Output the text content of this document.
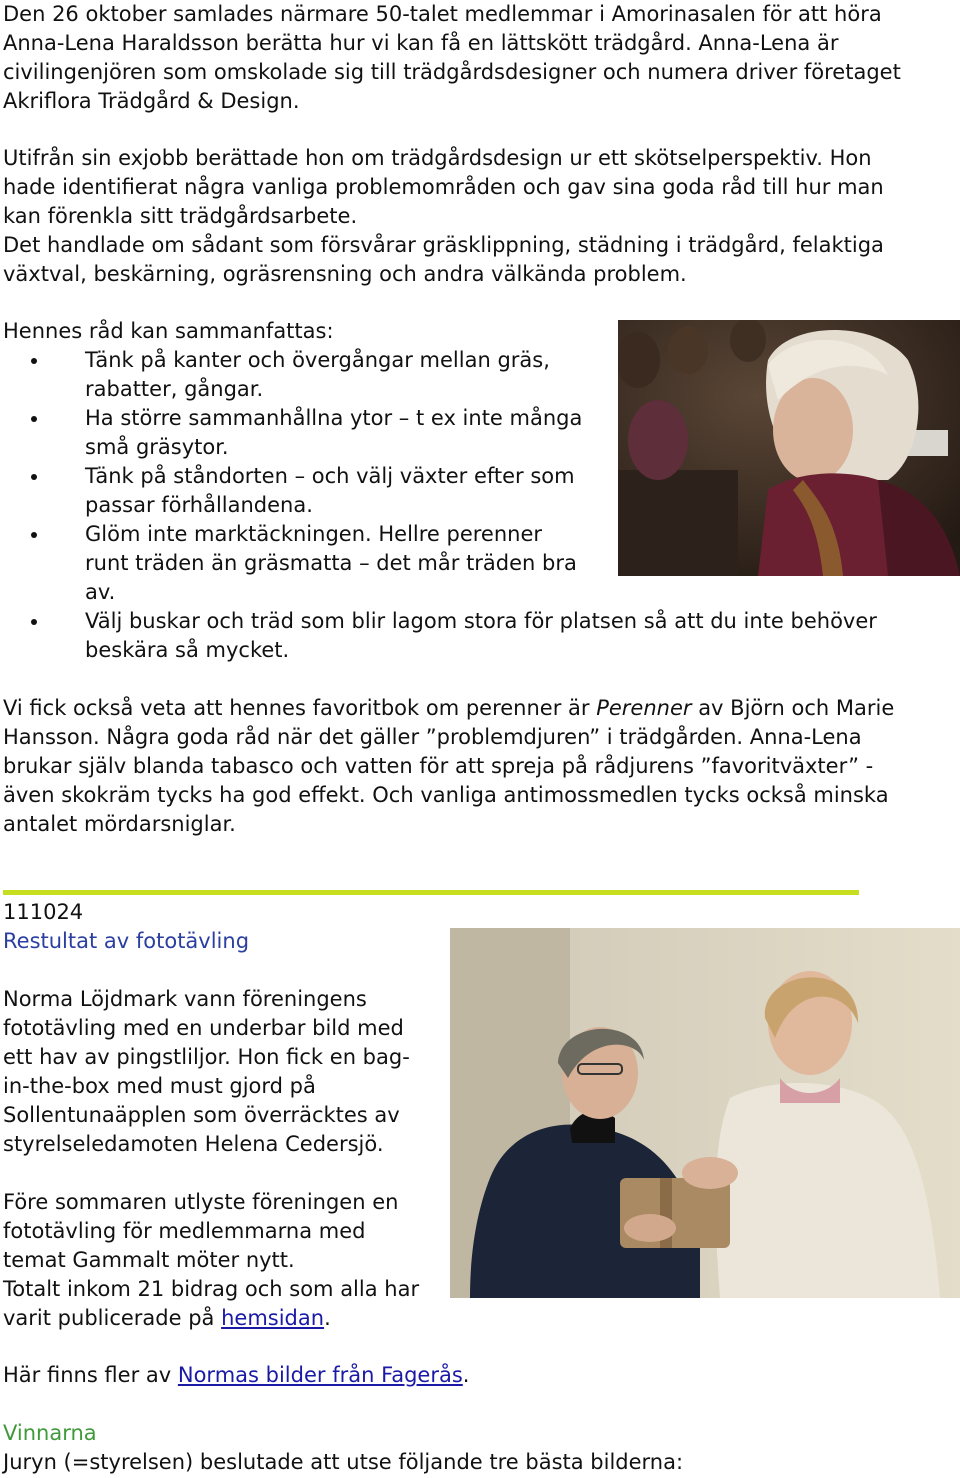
Den 26 oktober samlades närmare 50-talet medlemmar i Amorinasalen för att höra
Anna-Lena Haraldsson berätta hur vi kan få en lättskött trädgård. Anna-Lena är
civilingenjören som omskolade sig till trädgårdsdesigner och numera driver företaget
Akriflora Trädgård & Design.

Utifrån sin exjobb berättade hon om trädgårdsdesign ur ett skötselperspektiv. Hon
hade identifierat några vanliga problemområden och gav sina goda råd till hur man
kan förenkla sitt trädgårdsarbete.
Det handlade om sådant som försvårar gräsklippning, städning i trädgård, felaktiga
växtval, beskärning, ogräsrensning och andra välkända problem.
Hennes råd kan sammanfattas:
Tänk på kanter och övergångar mellan gräs,
rabatter, gångar.
Ha större sammanhållna ytor – t ex inte många
små gräsytor.
Tänk på ståndorten – och välj växter efter som
passar förhållandena.
Glöm inte marktäckningen. Hellre perenner
runt träden än gräsmatta – det mår träden bra
av.
Välj buskar och träd som blir lagom stora för platsen så att du inte behöver
beskära så mycket.
Vi fick också veta att hennes favoritbok om perenner är Perenner av Björn och Marie
Hansson. Några goda råd när det gäller ”problemdjuren” i trädgården. Anna-Lena
brukar själv blanda tabasco och vatten för att spreja på rådjurens ”favoritväxter” -
även skokräm tycks ha god effekt. Och vanliga antimossmedlen tycks också minska
antalet mördarsniglar.
111024
Restultat av fototävling
Norma Löjdmark vann föreningens
fototävling med en underbar bild med
ett hav av pingstliljor. Hon fick en bag-
in-the-box med must gjord på
Sollentunaäpplen som överräcktes av
styrelseledamoten Helena Cedersjö.
Före sommaren utlyste föreningen en
fototävling för medlemmarna med
temat Gammalt möter nytt.
Totalt inkom 21 bidrag och som alla har
varit publicerade på hemsidan.
Här finns fler av Normas bilder från Fagerås.
Vinnarna
Juryn (=styrelsen) beslutade att utse följande tre bästa bilderna:
